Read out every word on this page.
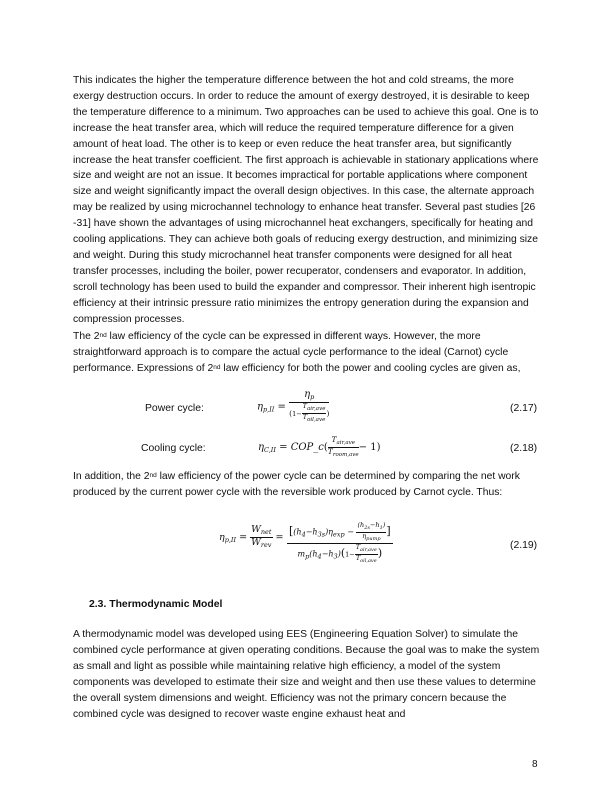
This indicates the higher the temperature difference between the hot and cold streams, the more exergy destruction occurs. In order to reduce the amount of exergy destroyed, it is desirable to keep the temperature difference to a minimum. Two approaches can be used to achieve this goal. One is to increase the heat transfer area, which will reduce the required temperature difference for a given amount of heat load. The other is to keep or even reduce the heat transfer area, but significantly increase the heat transfer coefficient. The first approach is achievable in stationary applications where size and weight are not an issue. It becomes impractical for portable applications where component size and weight significantly impact the overall design objectives. In this case, the alternate approach may be realized by using microchannel technology to enhance heat transfer. Several past studies [26 -31] have shown the advantages of using microchannel heat exchangers, specifically for heating and cooling applications. They can achieve both goals of reducing exergy destruction, and minimizing size and weight. During this study microchannel heat transfer components were designed for all heat transfer processes, including the boiler, power recuperator, condensers and evaporator. In addition, scroll technology has been used to build the expander and compressor. Their inherent high isentropic efficiency at their intrinsic pressure ratio minimizes the entropy generation during the expansion and compression processes.

The 2nd law efficiency of the cycle can be expressed in different ways. However, the more straightforward approach is to compare the actual cycle performance to the ideal (Carnot) cycle performance. Expressions of 2nd law efficiency for both the power and cooling cycles are given as,

Power cycle:	$\eta_{p,II} = \frac{\eta_p}{(1- \frac{T_{air,ave}}{T_{oil,ave}} )}$	(2.17)
Cooling cycle:	$\eta_{C,II}$ = COP_c( $\frac{T_{air,ave}}{T_{room,ave}} - 1$)	(2.18)

In addition, the 2nd law efficiency of the power cycle can be determined by comparing the net work produced by the current power cycle with the reversible work produced by Carnot cycle. Thus:

$\eta_{p,II} = \frac{W_{net}}{W_{rev}} = \frac{[(h_4-h_{3s})\eta_{exp} - \frac{(h_{2s}-h_1)}{\eta_{pump}} ]}{m_p(h_4-h_3)(1- \frac{T_{air,ave}}{T_{oil,ave}} )}$	(2.19)
2.3. Thermodynamic Model

A thermodynamic model was developed using EES (Engineering Equation Solver) to simulate the combined cycle performance at given operating conditions. Because the goal was to make the system as small and light as possible while maintaining relative high efficiency, a model of the system components was developed to estimate their size and weight and then use these values to determine the overall system dimensions and weight. Efficiency was not the primary concern because the combined cycle was designed to recover waste engine exhaust heat and

8
